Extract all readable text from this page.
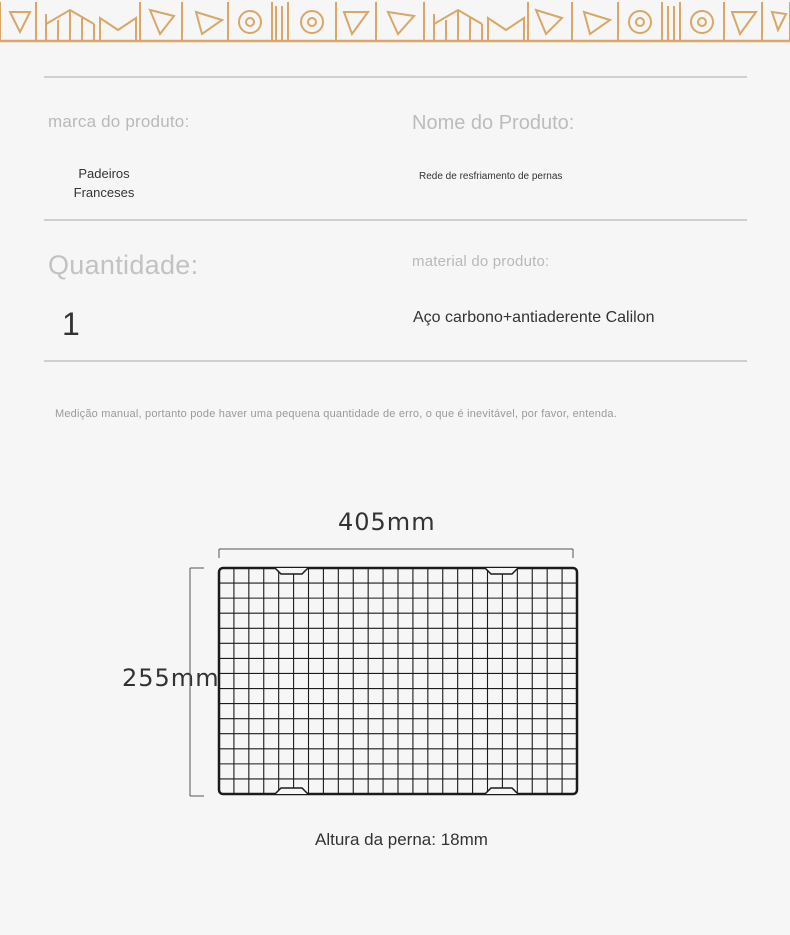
marca do produto:
Padeiros
Franceses
Nome do Produto:
Rede de resfriamento de pernas
Quantidade:
1
material do produto:
Aço carbono+antiaderente Calilon
Medição manual, portanto pode haver uma pequena quantidade de erro, o que é inevitável, por favor, entenda.
405mm
255mm
Altura da perna: 18mm
